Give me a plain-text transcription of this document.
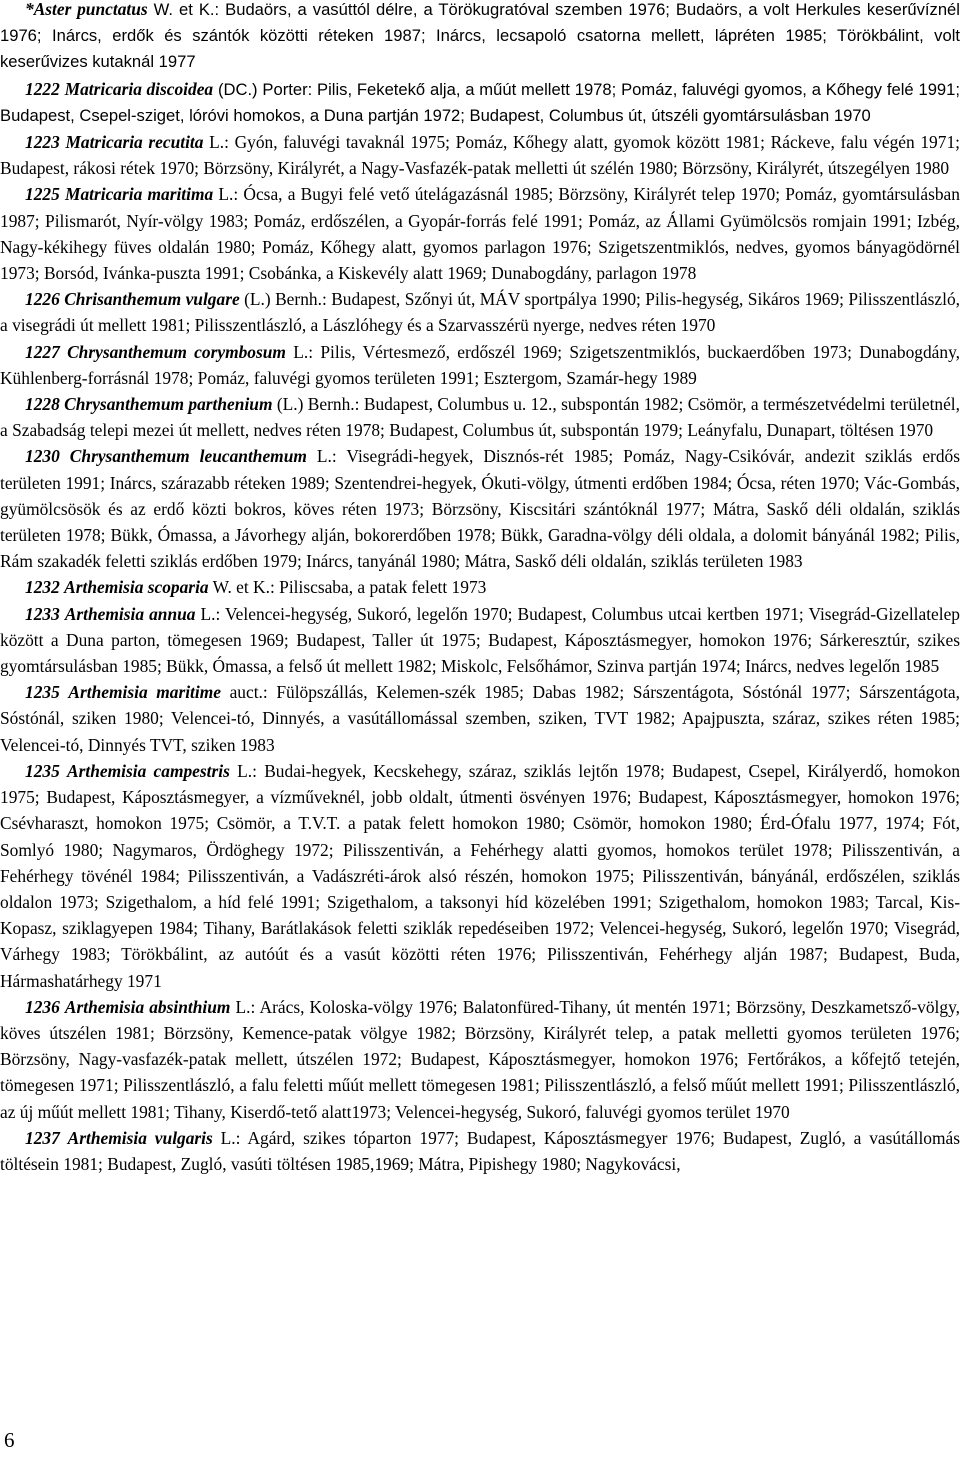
*Aster punctatus W. et K.: Budaörs, a vasúttól délre, a Törökugratóval szemben 1976; Budaörs, a volt Herkules keserűvíznél 1976; Inárcs, erdők és szántók közötti réteken 1987; Inárcs, lecsapoló csatorna mellett, lápréten 1985; Törökbálint, volt keserűvizes kutaknál 1977

1222 Matricaria discoidea (DC.) Porter: Pilis, Feketekő alja, a műút mellett 1978; Pomáz, faluvégi gyomos, a Kőhegy felé 1991; Budapest, Csepel-sziget, lóróvi homokos, a Duna partján 1972; Budapest, Columbus út, útszéli gyomtársulásban 1970

1223 Matricaria recutita L.: Gyón, faluvégi tavaknál 1975; Pomáz, Kőhegy alatt, gyomok között 1981; Ráckeve, falu végén 1971; Budapest, rákosi rétek 1970; Börzsöny, Királyrét, a Nagy-Vasfazék-patak melletti út szélén 1980; Börzsöny, Királyrét, útszegélyen 1980

1225 Matricaria maritima L.: Ócsa, a Bugyi felé vető útelágazásnál 1985; Börzsöny, Királyrét telep 1970; Pomáz, gyomtársulásban 1987; Pilismarót, Nyír-völgy 1983; Pomáz, erdőszélen, a Gyopár-forrás felé 1991; Pomáz, az Állami Gyümölcsös romjain 1991; Izbég, Nagy-kékihegy füves oldalán 1980; Pomáz, Kőhegy alatt, gyomos parlagon 1976; Szigetszentmiklós, nedves, gyomos bányagödörnél 1973; Borsód, Ivánka-puszta 1991; Csobánka, a Kiskevély alatt 1969; Dunabogdány, parlagon 1978

1226 Chrisanthemum vulgare (L.) Bernh.: Budapest, Szőnyi út, MÁV sportpálya 1990; Pilis-hegység, Sikáros 1969; Pilisszentlászló, a visegrádi út mellett 1981; Pilisszentlászló, a Lászlóhegy és a Szarvasszérü nyerge, nedves réten 1970

1227 Chrysanthemum corymbosum L.: Pilis, Vértesmező, erdőszél 1969; Szigetszentmiklós, buckaerdőben 1973; Dunabogdány, Kühlenberg-forrásnál 1978; Pomáz, faluvégi gyomos területen 1991; Esztergom, Szamár-hegy 1989

1228 Chrysanthemum parthenium (L.) Bernh.: Budapest, Columbus u. 12., subspontán 1982; Csömör, a természetvédelmi területnél, a Szabadság telepi mezei út mellett, nedves réten 1978; Budapest, Columbus út, subspontán 1979; Leányfalu, Dunapart, töltésen 1970

1230 Chrysanthemum leucanthemum L.: Visegrádi-hegyek, Disznós-rét 1985; Pomáz, Nagy-Csikóvár, andezit sziklás erdős területen 1991; Inárcs, szárazabb réteken 1989; Szentendrei-hegyek, Ókuti-völgy, útmenti erdőben 1984; Ócsa, réten 1970; Vác-Gombás, gyümölcsösök és az erdő közti bokros, köves réten 1973; Börzsöny, Kiscsitári szántóknál 1977; Mátra, Saskő déli oldalán, sziklás területen 1978; Bükk, Ómassa, a Jávorhegy alján, bokorerdőben 1978; Bükk, Garadna-völgy déli oldala, a dolomit bányánál 1982; Pilis, Rám szakadék feletti sziklás erdőben 1979; Inárcs, tanyánál 1980; Mátra, Saskő déli oldalán, sziklás területen 1983

1232 Arthemisia scoparia W. et K.: Piliscsaba, a patak felett 1973

1233 Arthemisia annua L.: Velencei-hegység, Sukoró, legelőn 1970; Budapest, Columbus utcai kertben 1971; Visegrád-Gizellatelep között a Duna parton, tömegesen 1969; Budapest, Taller út 1975; Budapest, Káposztásmegyer, homokon 1976; Sárkeresztúr, szikes gyomtársulásban 1985; Bükk, Ómassa, a felső út mellett 1982; Miskolc, Felsőhámor, Szinva partján 1974; Inárcs, nedves legelőn 1985

1235 Arthemisia maritime auct.: Fülöpszállás, Kelemen-szék 1985; Dabas 1982; Sárszentágota, Sóstónál 1977; Sárszentágota, Sóstónál, sziken 1980; Velencei-tó, Dinnyés, a vasútállomással szemben, sziken, TVT 1982; Apajpuszta, száraz, szikes réten 1985; Velencei-tó, Dinnyés TVT, sziken 1983

1235 Arthemisia campestris L.: Budai-hegyek, Kecskehegy, száraz, sziklás lejtőn 1978; Budapest, Csepel, Királyerdő, homokon 1975; Budapest, Káposztásmegyer, a vízműveknél, jobb oldalt, útmenti ösvényen 1976; Budapest, Káposztásmegyer, homokon 1976; Csévharaszt, homokon 1975; Csömör, a T.V.T. a patak felett homokon 1980; Csömör, homokon 1980; Érd-Ófalu 1977, 1974; Fót, Somlyó 1980; Nagymaros, Ördöghegy 1972; Pilisszentiván, a Fehérhegy alatti gyomos, homokos terület 1978; Pilisszentiván, a Fehérhegy tövénél 1984; Pilisszentiván, a Vadászréti-árok alsó részén, homokon 1975; Pilisszentiván, bányánál, erdőszélen, sziklás oldalon 1973; Szigethalom, a híd felé 1991; Szigethalom, a taksonyi híd közelében 1991; Szigethalom, homokon 1983; Tarcal, Kis-Kopasz, sziklagyepen 1984; Tihany, Barátlakások feletti sziklák repedéseiben 1972; Velencei-hegység, Sukoró, legelőn 1970; Visegrád, Várhegy 1983; Törökbálint, az autóút és a vasút közötti réten 1976; Pilisszentiván, Fehérhegy alján 1987; Budapest, Buda, Hármashatárhegy 1971

1236 Arthemisia absinthium L.: Arács, Koloska-völgy 1976; Balatonfüred-Tihany, út mentén 1971; Börzsöny, Deszkametsző-völgy, köves útszélen 1981; Börzsöny, Kemence-patak völgye 1982; Börzsöny, Királyrét telep, a patak melletti gyomos területen 1976; Börzsöny, Nagy-vasfazék-patak mellett, útszélen 1972; Budapest, Káposztásmegyer, homokon 1976; Fertőrákos, a kőfejtő tetején, tömegesen 1971; Pilisszentlászló, a falu feletti műút mellett tömegesen 1981; Pilisszentlászló, a felső műút mellett 1991; Pilisszentlászló, az új műút mellett 1981; Tihany, Kiserdő-tető alatt1973; Velencei-hegység, Sukoró, faluvégi gyomos terület 1970

1237 Arthemisia vulgaris L.: Agárd, szikes tóparton 1977; Budapest, Káposztásmegyer 1976; Budapest, Zugló, a vasútállomás töltésein 1981; Budapest, Zugló, vasúti töltésen 1985,1969; Mátra, Pipishegy 1980; Nagykovácsi,

6
